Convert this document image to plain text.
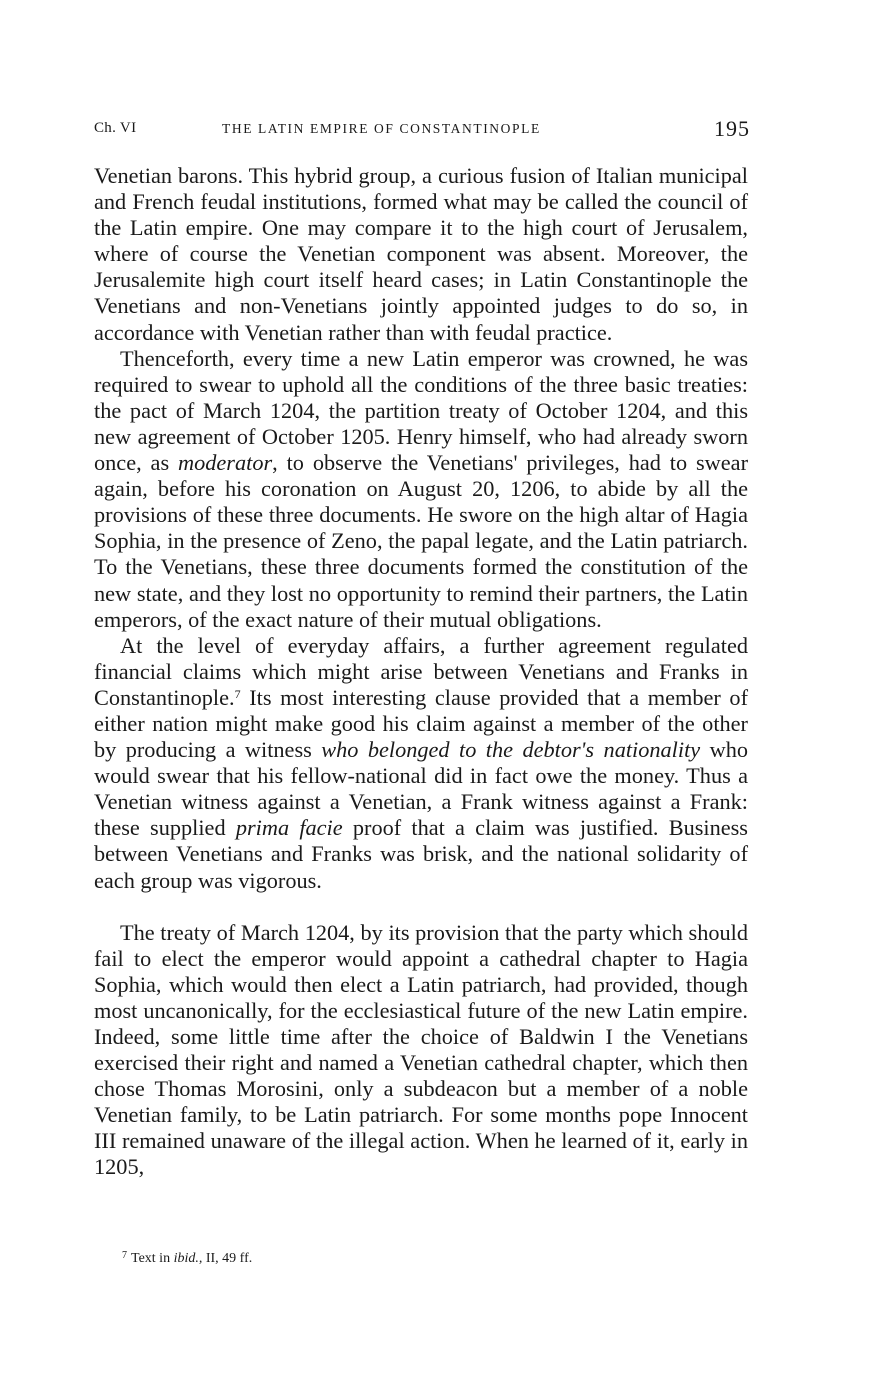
Ch. VI	THE LATIN EMPIRE OF CONSTANTINOPLE	195

Venetian barons. This hybrid group, a curious fusion of Italian municipal and French feudal institutions, formed what may be called the council of the Latin empire. One may compare it to the high court of Jerusalem, where of course the Venetian component was absent. Moreover, the Jerusalemite high court itself heard cases; in Latin Constantinople the Venetians and non-Venetians jointly appointed judges to do so, in accordance with Venetian rather than with feudal practice.

Thenceforth, every time a new Latin emperor was crowned, he was required to swear to uphold all the conditions of the three basic treaties: the pact of March 1204, the partition treaty of October 1204, and this new agreement of October 1205. Henry himself, who had already sworn once, as moderator, to observe the Venetians' privileges, had to swear again, before his coronation on August 20, 1206, to abide by all the provisions of these three documents. He swore on the high altar of Hagia Sophia, in the presence of Zeno, the papal legate, and the Latin patriarch. To the Venetians, these three documents formed the constitution of the new state, and they lost no opportunity to remind their partners, the Latin emperors, of the exact nature of their mutual obligations.

At the level of everyday affairs, a further agreement regulated financial claims which might arise between Venetians and Franks in Constantinople.$^7$ Its most interesting clause provided that a member of either nation might make good his claim against a member of the other by producing a witness who belonged to the debtor's nationality who would swear that his fellow-national did in fact owe the money. Thus a Venetian witness against a Venetian, a Frank witness against a Frank: these supplied prima facie proof that a claim was justified. Business between Venetians and Franks was brisk, and the national solidarity of each group was vigorous.

The treaty of March 1204, by its provision that the party which should fail to elect the emperor would appoint a cathedral chapter to Hagia Sophia, which would then elect a Latin patriarch, had provided, though most uncanonically, for the ecclesiastical future of the new Latin empire. Indeed, some little time after the choice of Baldwin I the Venetians exercised their right and named a Venetian cathedral chapter, which then chose Thomas Morosini, only a subdeacon but a member of a noble Venetian family, to be Latin patriarch. For some months pope Innocent III remained unaware of the illegal action. When he learned of it, early in 1205,

$^7$ Text in ibid., II, 49 ff.
